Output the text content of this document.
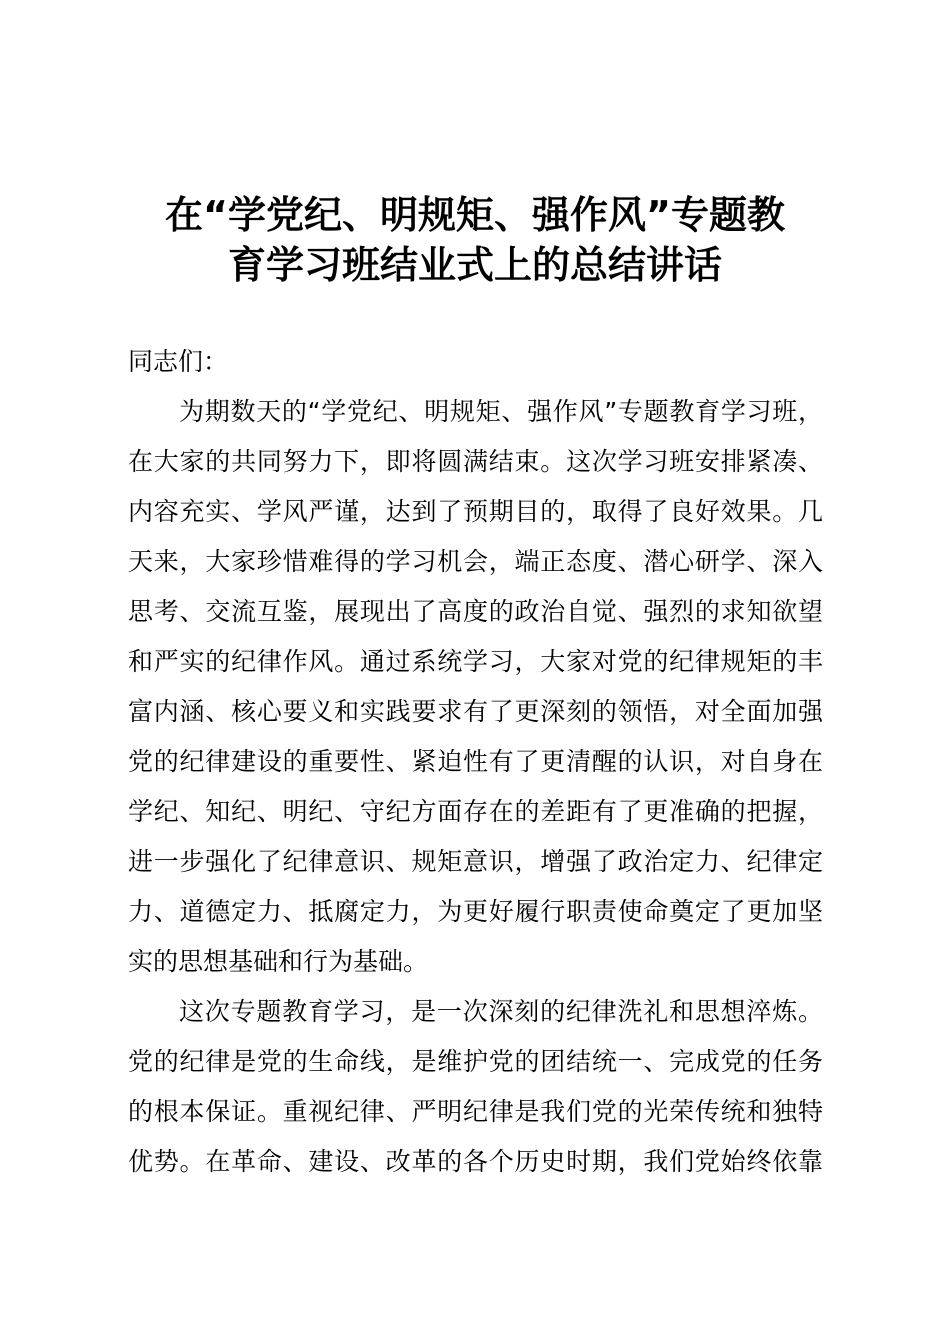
在“学党纪、明规矩、强作风”专题教
育学习班结业式上的总结讲话
同志们：
为期数天的“学党纪、明规矩、强作风”专题教育学习班，
在大家的共同努力下，即将圆满结束。这次学习班安排紧凑、
内容充实、学风严谨，达到了预期目的，取得了良好效果。几
天来，大家珍惜难得的学习机会，端正态度、潜心研学、深入
思考、交流互鉴，展现出了高度的政治自觉、强烈的求知欲望
和严实的纪律作风。通过系统学习，大家对党的纪律规矩的丰
富内涵、核心要义和实践要求有了更深刻的领悟，对全面加强
党的纪律建设的重要性、紧迫性有了更清醒的认识，对自身在
学纪、知纪、明纪、守纪方面存在的差距有了更准确的把握，
进一步强化了纪律意识、规矩意识，增强了政治定力、纪律定
力、道德定力、抵腐定力，为更好履行职责使命奠定了更加坚
实的思想基础和行为基础。
这次专题教育学习，是一次深刻的纪律洗礼和思想淬炼。
党的纪律是党的生命线，是维护党的团结统一、完成党的任务
的根本保证。重视纪律、严明纪律是我们党的光荣传统和独特
优势。在革命、建设、改革的各个历史时期，我们党始终依靠
